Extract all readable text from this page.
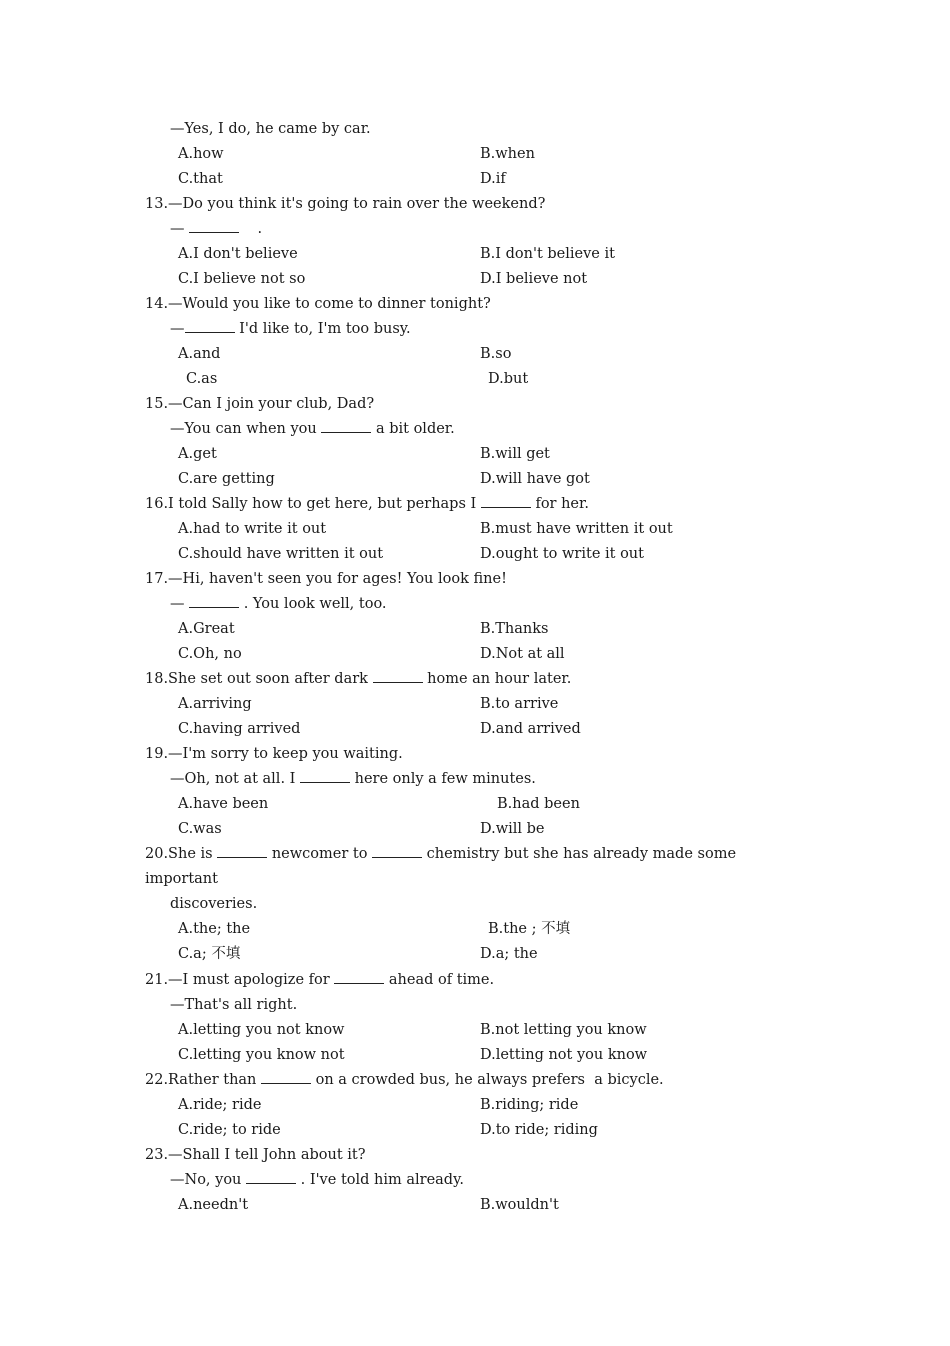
—Yes, I do, he came by car.
A.how	B.when
C.that	D.if
13.—Do you think it's going to rain over the weekend?
—	.
A.I don't believe	B.I don't believe it
C.I believe not so	D.I believe not
14.—Would you like to come to dinner tonight?
—	I'd like to, I'm too busy.
A.and	B.so
C.as	D.but
15.—Can I join your club, Dad?
—You can when you	a bit older.
A.get	B.will get
C.are getting	D.will have got
16.I told Sally how to get here, but perhaps I	for her.
A.had to write it out	B.must have written it out
C.should have written it out	D.ought to write it out
17.—Hi, haven't seen you for ages! You look fine!
—	. You look well, too.
A.Great	B.Thanks
C.Oh, no	D.Not at all
18.She set out soon after dark	home an hour later.
A.arriving	B.to arrive
C.having arrived	D.and arrived
19.—I'm sorry to keep you waiting.
—Oh, not at all. I	here only a few minutes.
A.have been	B.had been
C.was	D.will be
20.She is	newcomer to	chemistry but she has already made some
important
discoveries.
A.the; the	B.the ; 不填
C.a; 不填	D.a; the
21.—I must apologize for	ahead of time.
—That's all right.
A.letting you not know	B.not letting you know
C.letting you know not	D.letting not you know
22.Rather than	on a crowded bus, he always prefers  a bicycle.
A.ride; ride	B.riding; ride
C.ride; to ride	D.to ride; riding
23.—Shall I tell John about it?
—No, you	. I've told him already.
A.needn't	B.wouldn't
